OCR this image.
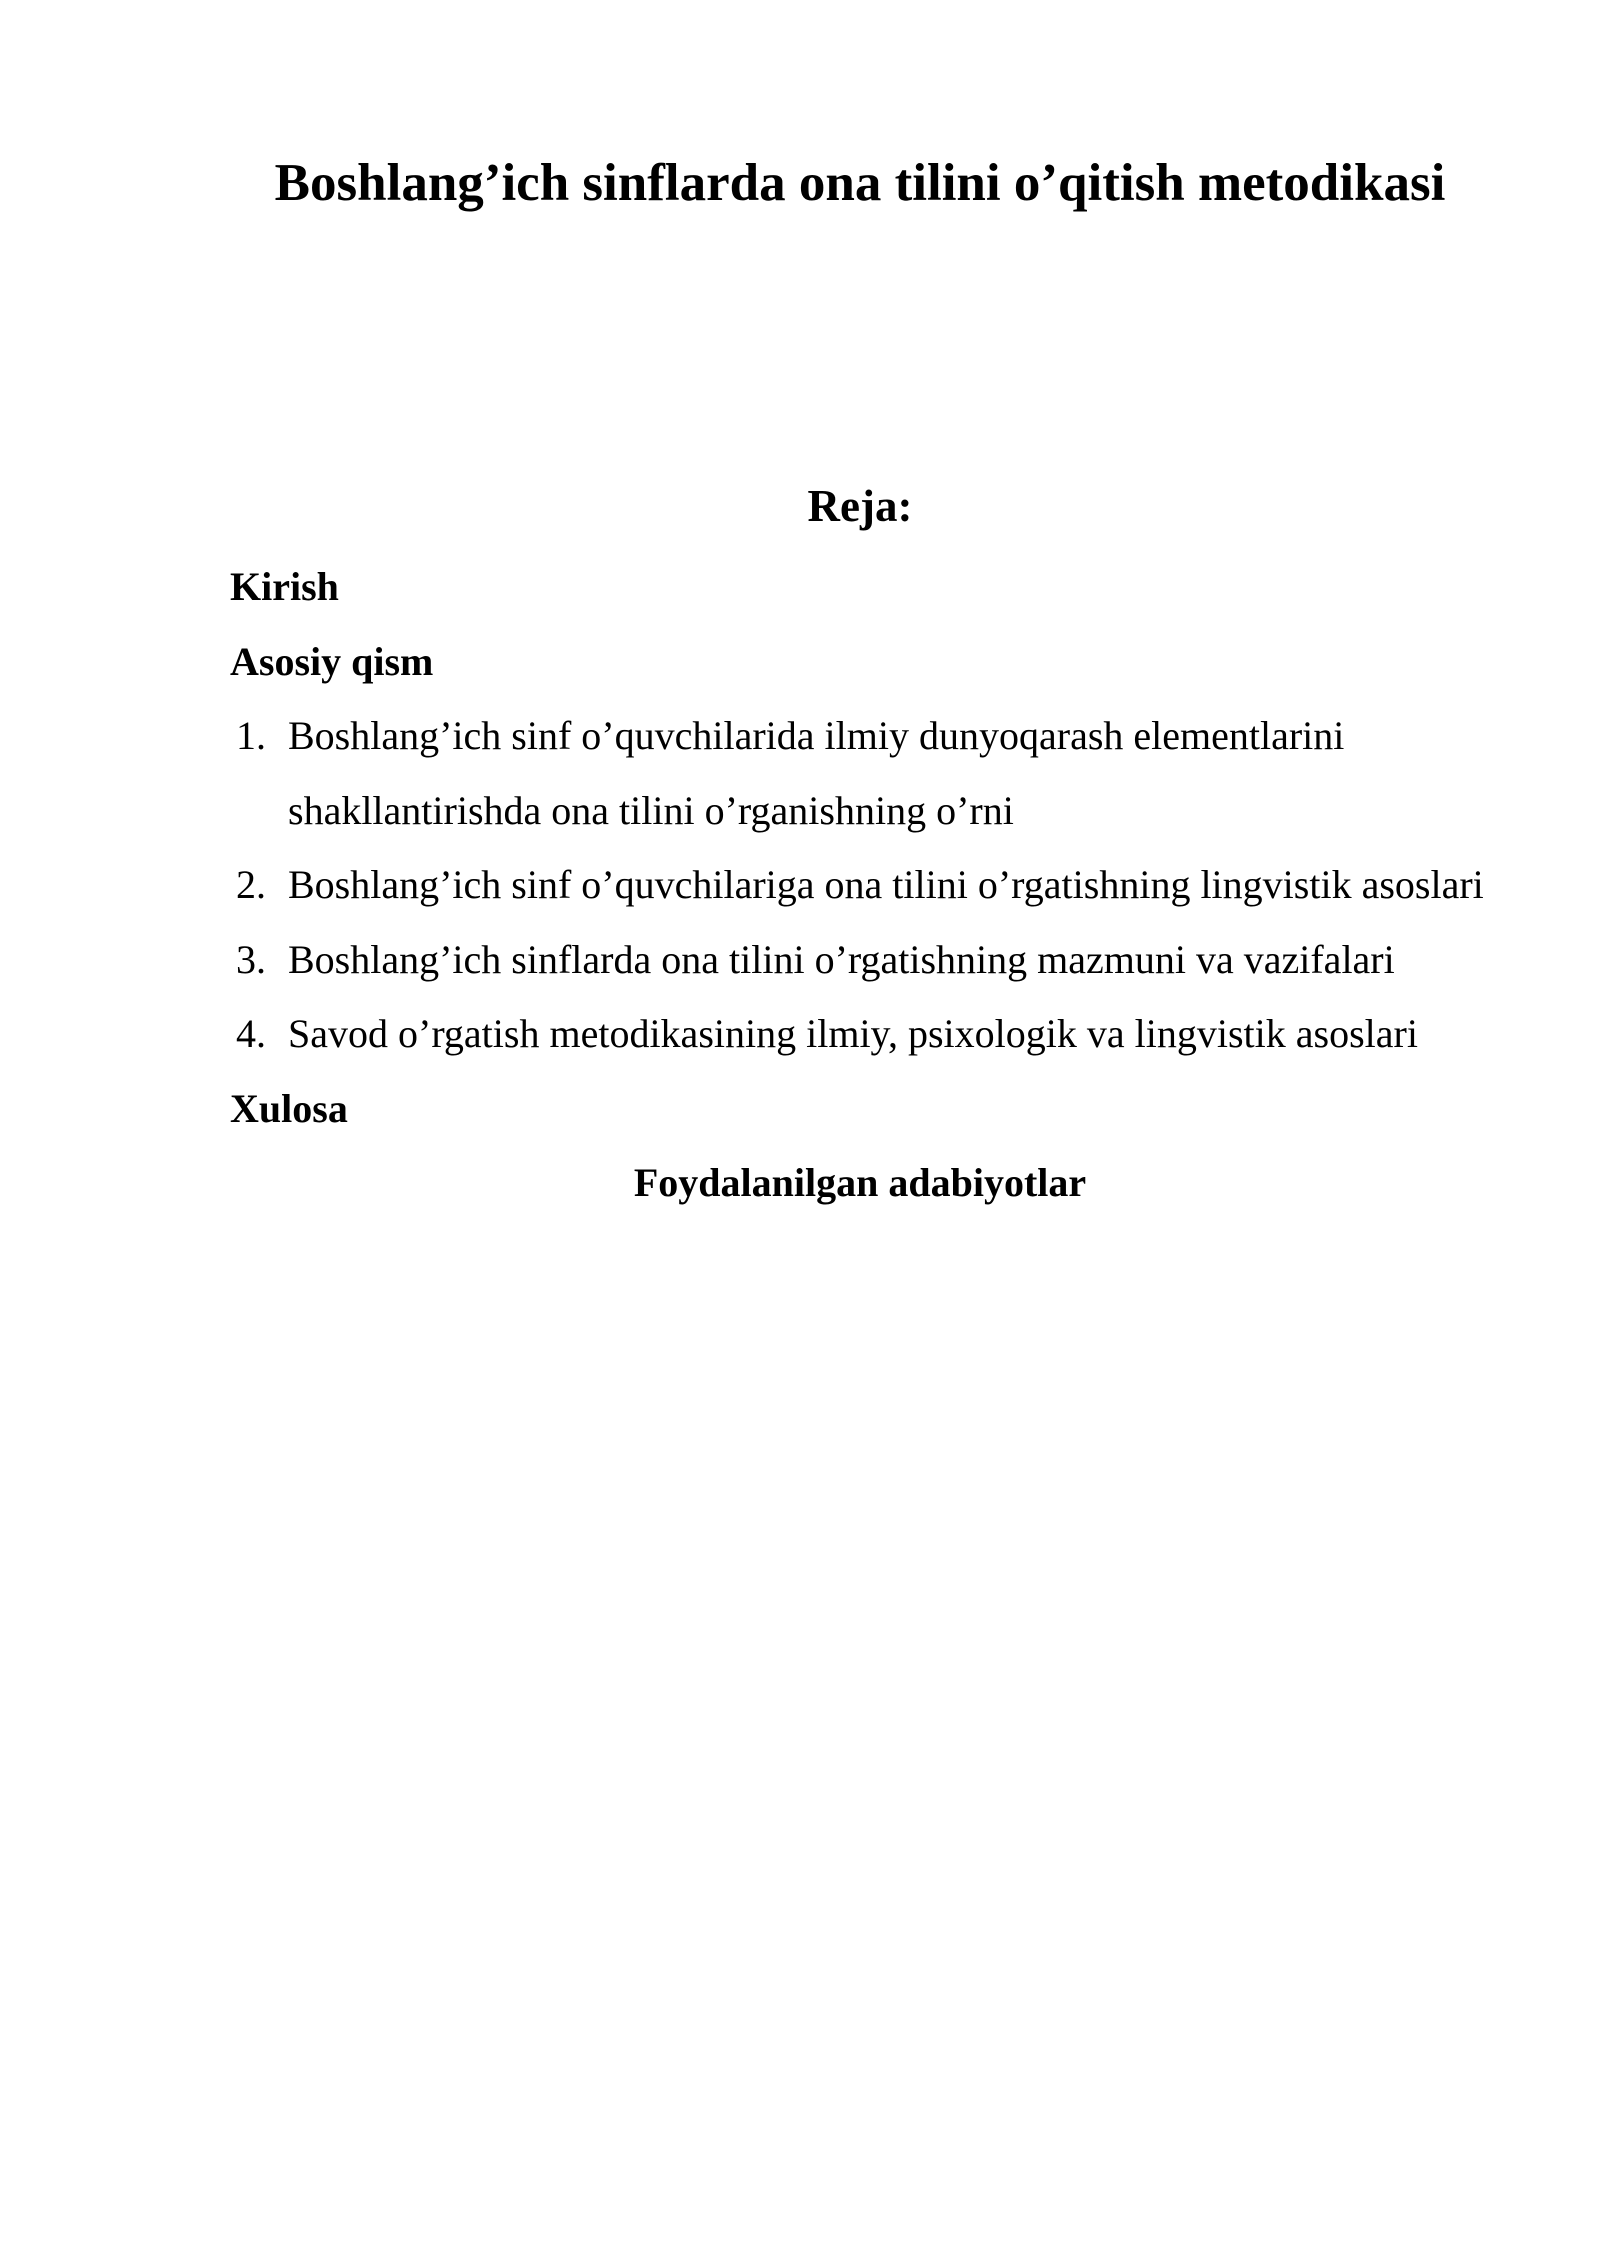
Boshlang’ich sinflarda ona tilini o’qitish metodikasi
Reja:

Kirish

Asosiy qism

1. Boshlang’ich sinf o’quvchilarida ilmiy dunyoqarash elementlarini shakllantirishda ona tilini o’rganishning o’rni
2. Boshlang’ich sinf o’quvchilariga ona tilini o’rgatishning lingvistik asoslari
3. Boshlang’ich sinflarda ona tilini o’rgatishning mazmuni va vazifalari
4. Savod o’rgatish metodikasining ilmiy, psixologik va lingvistik asoslari

Xulosa

Foydalanilgan adabiyotlar
